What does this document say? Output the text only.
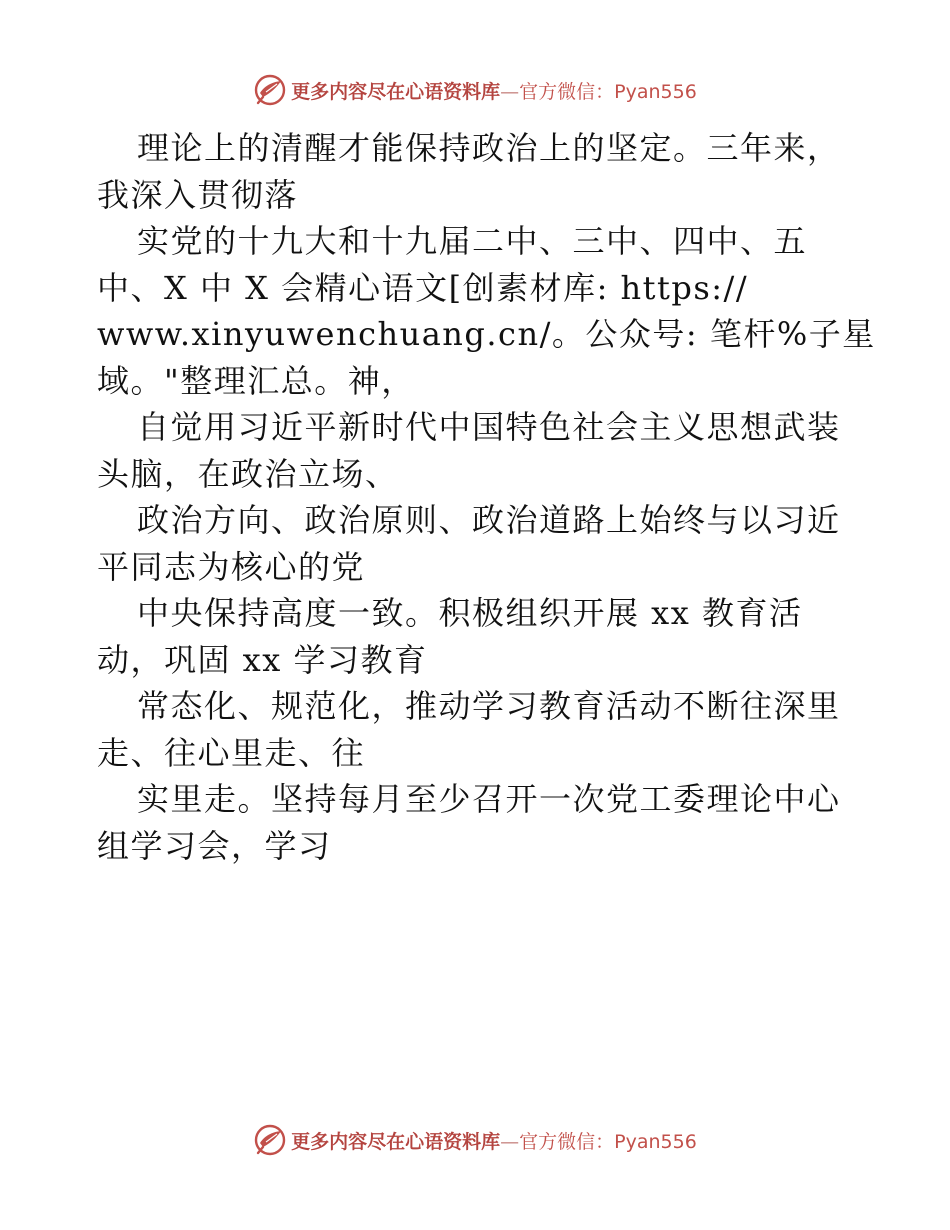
更多内容尽在心语资料库—官方微信：Pyan556
理论上的清醒才能保持政治上的坚定。三年来，
我深入贯彻落
实党的十九大和十九届二中、三中、四中、五
中、X 中 X 会精心语文[创素材库: https://
www.xinyuwenchuang.cn/。公众号: 笔杆%子星
域。"整理汇总。神，
自觉用习近平新时代中国特色社会主义思想武装
头脑，在政治立场、
政治方向、政治原则、政治道路上始终与以习近
平同志为核心的党
中央保持高度一致。积极组织开展 xx 教育活
动，巩固 xx 学习教育
常态化、规范化，推动学习教育活动不断往深里
走、往心里走、往
实里走。坚持每月至少召开一次党工委理论中心
组学习会，学习
更多内容尽在心语资料库—官方微信：Pyan556
